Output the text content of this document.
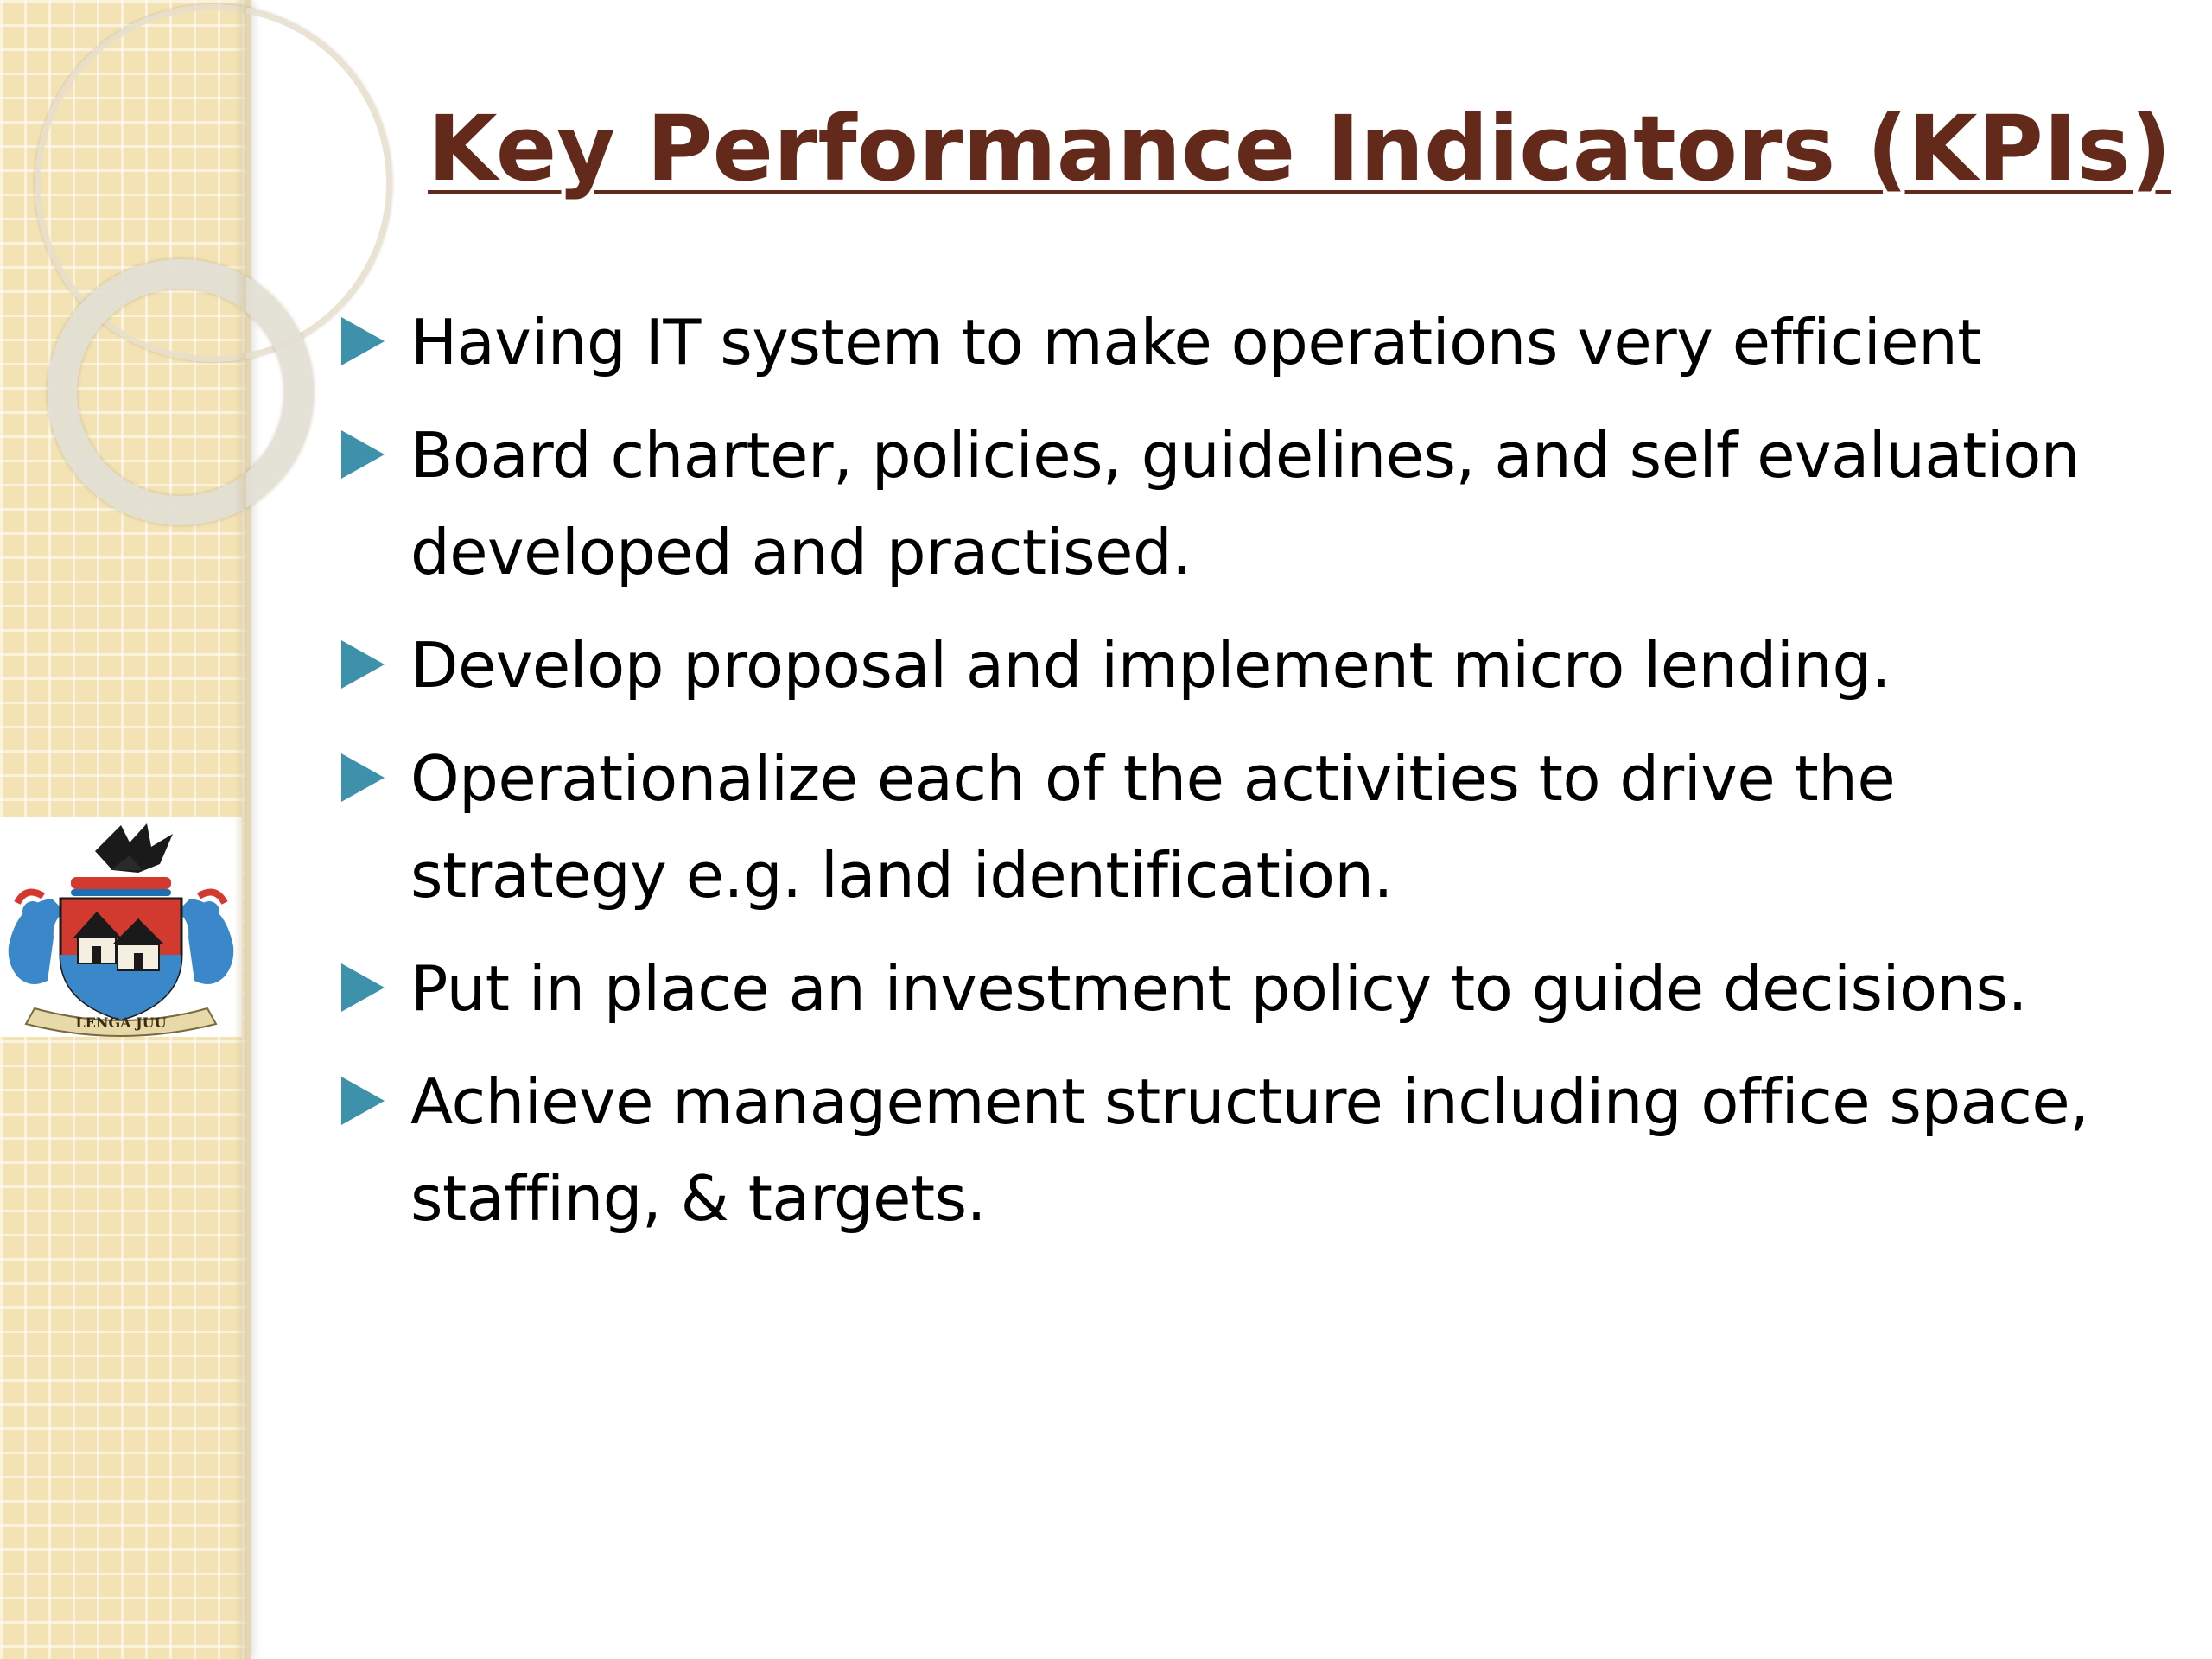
LENGA JUU
Key Performance Indicators (KPIs)
Having IT system to make operations very efficient
Board charter, policies, guidelines, and self evaluation developed and practised.
Develop proposal and implement micro lending.
Operationalize each of the activities to drive the strategy e.g. land identification.
Put in place an investment policy to guide decisions.
Achieve management structure including office space, staffing, & targets.
